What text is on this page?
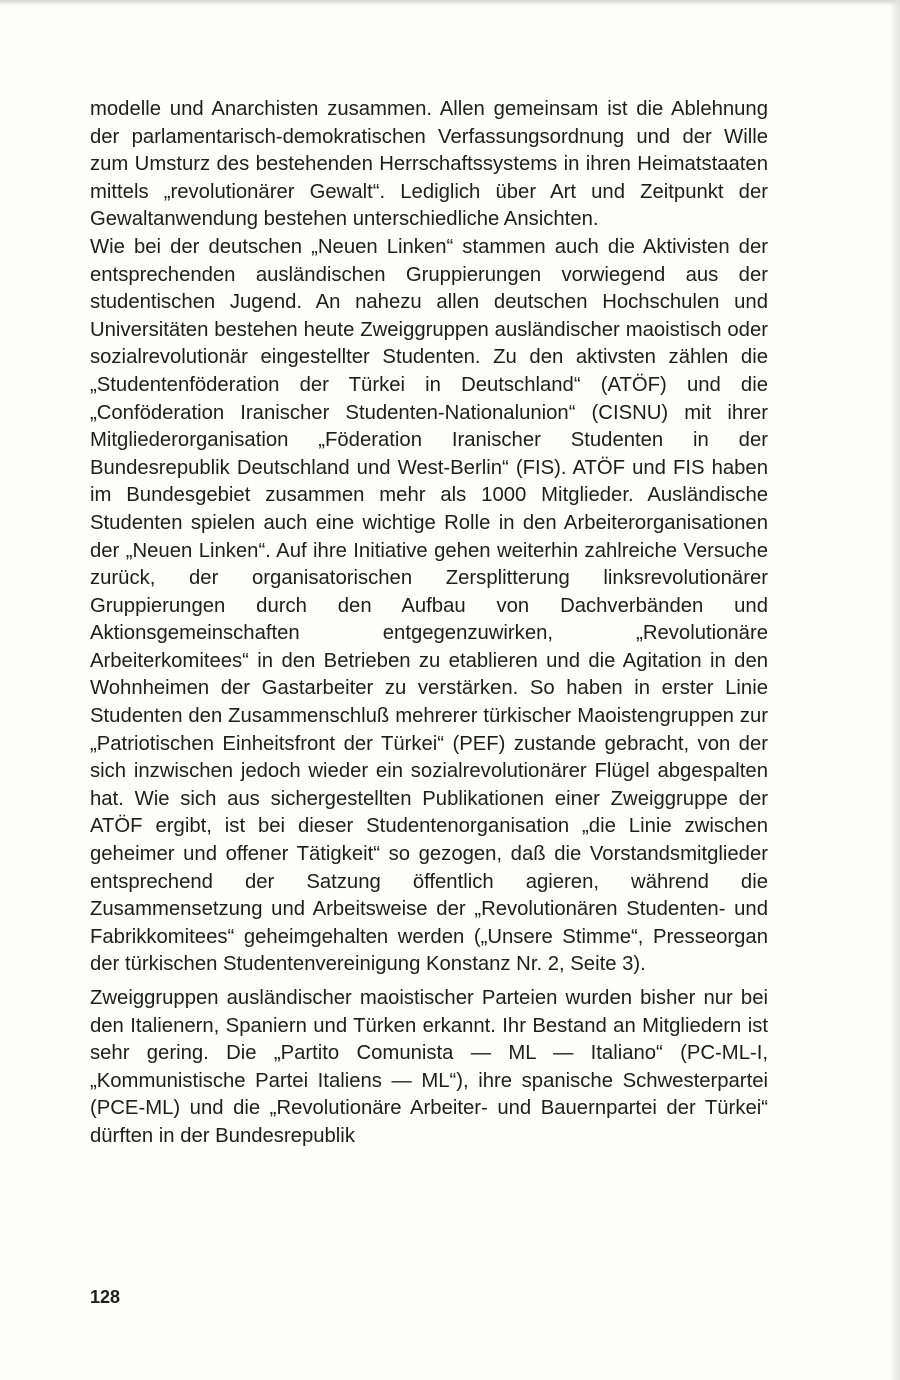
modelle und Anarchisten zusammen. Allen gemeinsam ist die Ablehnung der parlamentarisch-demokratischen Verfassungsordnung und der Wille zum Umsturz des bestehenden Herrschaftssystems in ihren Heimatstaaten mittels „revolutionärer Gewalt“. Lediglich über Art und Zeitpunkt der Gewaltanwendung bestehen unterschiedliche Ansichten.

Wie bei der deutschen „Neuen Linken“ stammen auch die Aktivisten der entsprechenden ausländischen Gruppierungen vorwiegend aus der studentischen Jugend. An nahezu allen deutschen Hochschulen und Universitäten bestehen heute Zweiggruppen ausländischer maoistisch oder sozialrevolutionär eingestellter Studenten. Zu den aktivsten zählen die „Studentenföderation der Türkei in Deutschland“ (ATÖF) und die „Conföderation Iranischer Studenten-Nationalunion“ (CISNU) mit ihrer Mitgliederorganisation „Föderation Iranischer Studenten in der Bundesrepublik Deutschland und West-Berlin“ (FIS). ATÖF und FIS haben im Bundesgebiet zusammen mehr als 1000 Mitglieder. Ausländische Studenten spielen auch eine wichtige Rolle in den Arbeiterorganisationen der „Neuen Linken“. Auf ihre Initiative gehen weiterhin zahlreiche Versuche zurück, der organisatorischen Zersplitterung linksrevolutionärer Gruppierungen durch den Aufbau von Dachverbänden und Aktionsgemeinschaften entgegenzuwirken, „Revolutionäre Arbeiterkomitees“ in den Betrieben zu etablieren und die Agitation in den Wohnheimen der Gastarbeiter zu verstärken. So haben in erster Linie Studenten den Zusammenschluß mehrerer türkischer Maoistengruppen zur „Patriotischen Einheitsfront der Türkei“ (PEF) zustande gebracht, von der sich inzwischen jedoch wieder ein sozialrevolutionärer Flügel abgespalten hat. Wie sich aus sichergestellten Publikationen einer Zweiggruppe der ATÖF ergibt, ist bei dieser Studentenorganisation „die Linie zwischen geheimer und offener Tätigkeit“ so gezogen, daß die Vorstandsmitglieder entsprechend der Satzung öffentlich agieren, während die Zusammensetzung und Arbeitsweise der „Revolutionären Studenten- und Fabrikkomitees“ geheimgehalten werden („Unsere Stimme“, Presseorgan der türkischen Studentenvereinigung Konstanz Nr. 2, Seite 3).

Zweiggruppen ausländischer maoistischer Parteien wurden bisher nur bei den Italienern, Spaniern und Türken erkannt. Ihr Bestand an Mitgliedern ist sehr gering. Die „Partito Comunista — ML — Italiano“ (PC-ML-I, „Kommunistische Partei Italiens — ML“), ihre spanische Schwesterpartei (PCE-ML) und die „Revolutionäre Arbeiter- und Bauernpartei der Türkei“ dürften in der Bundesrepublik

128
